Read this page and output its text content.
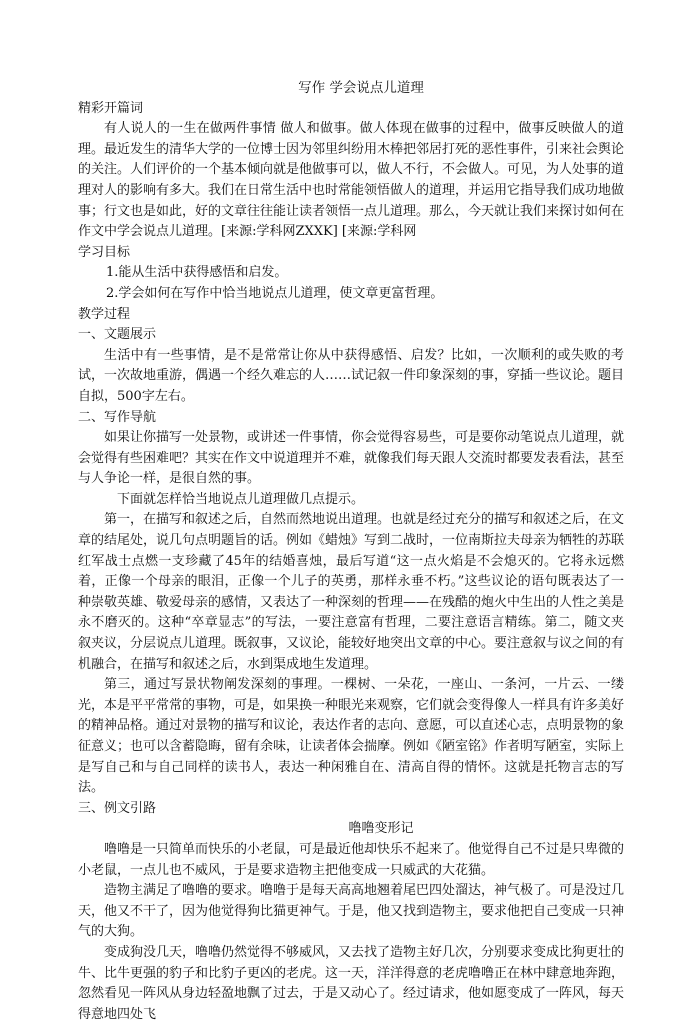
写作 学会说点儿道理

精彩开篇词

有人说人的一生在做两件事情 做人和做事。做人体现在做事的过程中，做事反映做人的道理。最近发生的清华大学的一位博士因为邻里纠纷用木棒把邻居打死的恶性事件，引来社会舆论的关注。人们评价的一个基本倾向就是他做事可以，做人不行，不会做人。可见，为人处事的道理对人的影响有多大。我们在日常生活中也时常能领悟做人的道理，并运用它指导我们成功地做事；行文也是如此，好的文章往往能让读者领悟一点儿道理。那么，今天就让我们来探讨如何在作文中学会说点儿道理。[来源:学科网ZXXK] [来源:学科网

学习目标

1.能从生活中获得感悟和启发。

2.学会如何在写作中恰当地说点儿道理，使文章更富哲理。

教学过程

一、文题展示

生活中有一些事情，是不是常常让你从中获得感悟、启发？比如，一次顺利的或失败的考试，一次故地重游，偶遇一个经久难忘的人……试记叙一件印象深刻的事，穿插一些议论。题目自拟，500字左右。

二、写作导航

如果让你描写一处景物，或讲述一件事情，你会觉得容易些，可是要你动笔说点儿道理，就会觉得有些困难吧？其实在作文中说道理并不难，就像我们每天跟人交流时都要发表看法，甚至与人争论一样，是很自然的事。

下面就怎样恰当地说点儿道理做几点提示。

第一，在描写和叙述之后，自然而然地说出道理。也就是经过充分的描写和叙述之后，在文章的结尾处，说几句点明题旨的话。例如《蜡烛》写到二战时，一位南斯拉夫母亲为牺牲的苏联红军战士点燃一支珍藏了45年的结婚喜烛，最后写道“这一点火焰是不会熄灭的。它将永远燃着，正像一个母亲的眼泪，正像一个儿子的英勇，那样永垂不朽。”这些议论的语句既表达了一种崇敬英雄、敬爱母亲的感情，又表达了一种深刻的哲理——在残酷的炮火中生出的人性之美是永不磨灭的。这种“卒章显志”的写法，一要注意富有哲理，二要注意语言精练。第二，随文夹叙夹议，分层说点儿道理。既叙事，又议论，能较好地突出文章的中心。要注意叙与议之间的有机融合，在描写和叙述之后，水到渠成地生发道理。

第三，通过写景状物阐发深刻的事理。一棵树、一朵花，一座山、一条河，一片云、一缕光，本是平平常常的事物，可是，如果换一种眼光来观察，它们就会变得像人一样具有许多美好的精神品格。通过对景物的描写和议论，表达作者的志向、意愿，可以直述心志，点明景物的象征意义；也可以含蓄隐晦，留有余味，让读者体会揣摩。例如《陋室铭》作者明写陋室，实际上是写自己和与自己同样的读书人，表达一种闲雅自在、清高自得的情怀。这就是托物言志的写法。

三、例文引路

噜噜变形记

噜噜是一只简单而快乐的小老鼠，可是最近他却快乐不起来了。他觉得自己不过是只卑微的小老鼠，一点儿也不威风，于是要求造物主把他变成一只威武的大花猫。

造物主满足了噜噜的要求。噜噜于是每天高高地翘着尾巴四处溜达，神气极了。可是没过几天，他又不干了，因为他觉得狗比猫更神气。于是，他又找到造物主，要求他把自己变成一只神气的大狗。

变成狗没几天，噜噜仍然觉得不够威风，又去找了造物主好几次，分别要求变成比狗更壮的牛、比牛更强的豹子和比豹子更凶的老虎。这一天，洋洋得意的老虎噜噜正在林中肆意地奔跑，忽然看见一阵风从身边轻盈地飘了过去，于是又动心了。经过请求，他如愿变成了一阵风，每天得意地四处飞
